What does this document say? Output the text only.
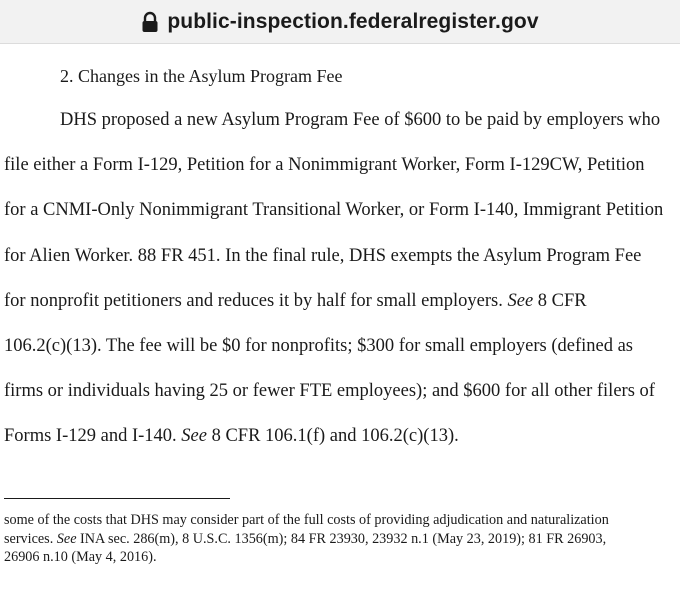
public-inspection.federalregister.gov
2. Changes in the Asylum Program Fee
DHS proposed a new Asylum Program Fee of $600 to be paid by employers who
file either a Form I-129, Petition for a Nonimmigrant Worker, Form I-129CW, Petition
for a CNMI-Only Nonimmigrant Transitional Worker, or Form I-140, Immigrant Petition
for Alien Worker. 88 FR 451. In the final rule, DHS exempts the Asylum Program Fee
for nonprofit petitioners and reduces it by half for small employers. See 8 CFR
106.2(c)(13). The fee will be $0 for nonprofits; $300 for small employers (defined as
firms or individuals having 25 or fewer FTE employees); and $600 for all other filers of
Forms I-129 and I-140. See 8 CFR 106.1(f) and 106.2(c)(13).
some of the costs that DHS may consider part of the full costs of providing adjudication and naturalization
services. See INA sec. 286(m), 8 U.S.C. 1356(m); 84 FR 23930, 23932 n.1 (May 23, 2019); 81 FR 26903,
26906 n.10 (May 4, 2016).
